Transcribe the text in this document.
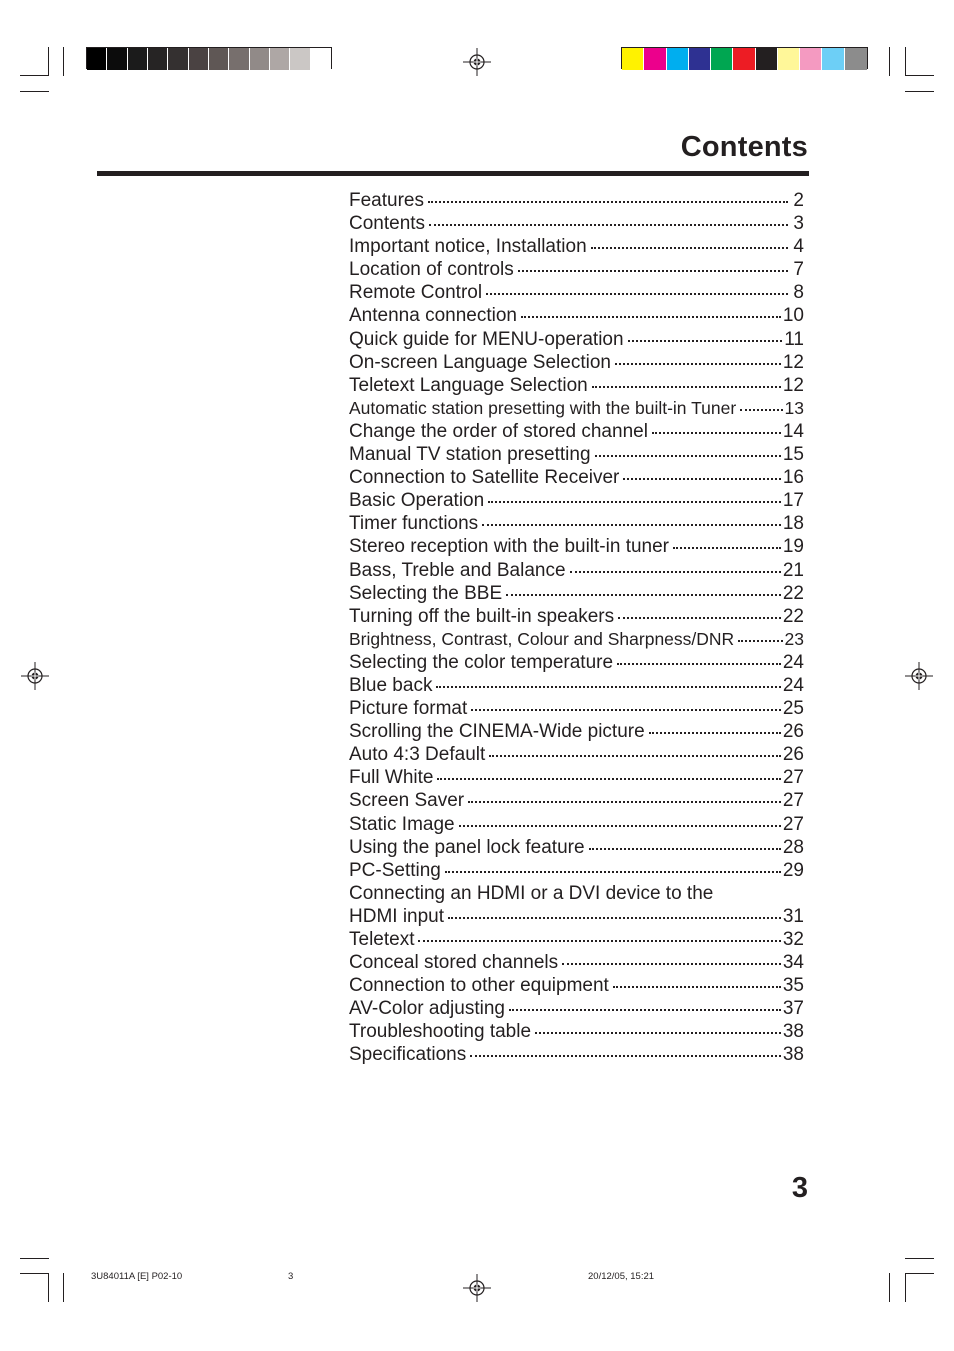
Contents
Features	2
Contents	3
Important notice, Installation	4
Location of controls	7
Remote Control	8
Antenna connection	10
Quick guide for MENU-operation	11
On-screen Language Selection	12
Teletext Language Selection	12
Automatic station presetting with the built-in Tuner	13
Change the order of stored channel	14
Manual TV station presetting	15
Connection to Satellite Receiver	16
Basic Operation	17
Timer functions	18
Stereo reception with the built-in tuner	19
Bass, Treble and Balance	21
Selecting the BBE	22
Turning off the built-in speakers	22
Brightness, Contrast, Colour and Sharpness/DNR	23
Selecting the color temperature	24
Blue back	24
Picture format	25
Scrolling the CINEMA-Wide picture	26
Auto 4:3 Default	26
Full White	27
Screen Saver	27
Static Image	27
Using the panel lock feature	28
PC-Setting	29
Connecting an HDMI or a DVI device to the
HDMI input	31
Teletext	32
Conceal stored channels	34
Connection to other equipment	35
AV-Color adjusting	37
Troubleshooting table	38
Specifications	38
3
3U84011A [E] P02-10	3	20/12/05, 15:21
